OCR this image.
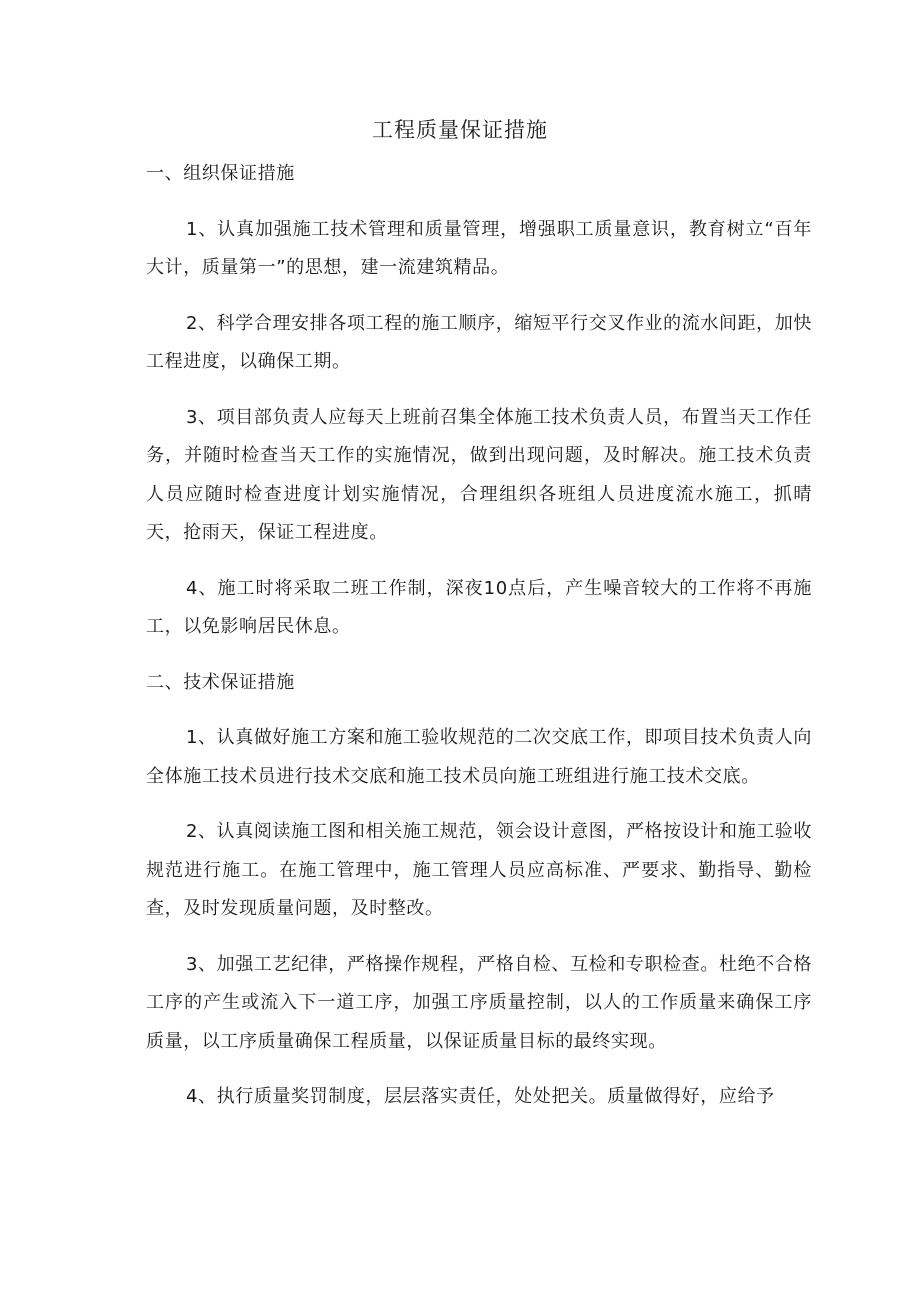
工程质量保证措施

一、组织保证措施

1、认真加强施工技术管理和质量管理，增强职工质量意识，教育树立“百年大计，质量第一”的思想，建一流建筑精品。

2、科学合理安排各项工程的施工顺序，缩短平行交叉作业的流水间距，加快工程进度，以确保工期。

3、项目部负责人应每天上班前召集全体施工技术负责人员，布置当天工作任务，并随时检查当天工作的实施情况，做到出现问题，及时解决。施工技术负责人员应随时检查进度计划实施情况，合理组织各班组人员进度流水施工，抓晴天，抢雨天，保证工程进度。

4、施工时将采取二班工作制，深夜10点后，产生噪音较大的工作将不再施工，以免影响居民休息。

二、技术保证措施

1、认真做好施工方案和施工验收规范的二次交底工作，即项目技术负责人向全体施工技术员进行技术交底和施工技术员向施工班组进行施工技术交底。

2、认真阅读施工图和相关施工规范，领会设计意图，严格按设计和施工验收规范进行施工。在施工管理中，施工管理人员应高标准、严要求、勤指导、勤检查，及时发现质量问题，及时整改。

3、加强工艺纪律，严格操作规程，严格自检、互检和专职检查。杜绝不合格工序的产生或流入下一道工序，加强工序质量控制，以人的工作质量来确保工序质量，以工序质量确保工程质量，以保证质量目标的最终实现。

4、执行质量奖罚制度，层层落实责任，处处把关。质量做得好，应给予
